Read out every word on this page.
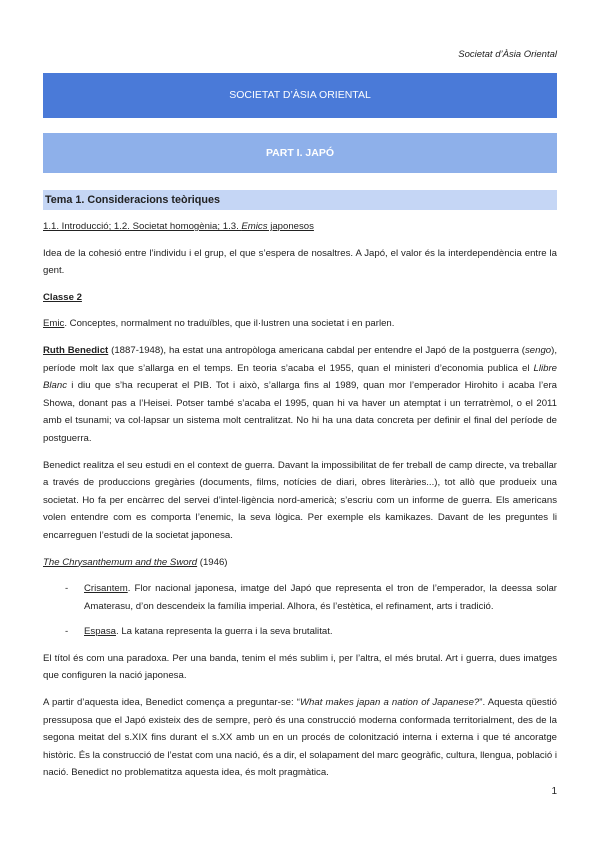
Societat d’Àsia Oriental
SOCIETAT D’ÀSIA ORIENTAL
PART I. JAPÓ
Tema 1. Consideracions teòriques

1.1. Introducció; 1.2. Societat homogènia; 1.3. Emics japonesos

Idea de la cohesió entre l’individu i el grup, el que s’espera de nosaltres. A Japó, el valor és la interdependència entre la gent.

Classe 2

Emic. Conceptes, normalment no traduïbles, que il·lustren una societat i en parlen.

Ruth Benedict (1887-1948), ha estat una antropòloga americana cabdal per entendre el Japó de la postguerra (sengo), període molt lax que s’allarga en el temps. En teoria s’acaba el 1955, quan el ministeri d’economia publica el Llibre Blanc i diu que s’ha recuperat el PIB. Tot i això, s’allarga fins al 1989, quan mor l’emperador Hirohito i acaba l’era Showa, donant pas a l’Heisei. Potser també s’acaba el 1995, quan hi va haver un atemptat i un terratrèmol, o el 2011 amb el tsunami; va col·lapsar un sistema molt centralitzat. No hi ha una data concreta per definir el final del període de postguerra.

Benedict realitza el seu estudi en el context de guerra. Davant la impossibilitat de fer treball de camp directe, va treballar a través de produccions gregàries (documents, films, notícies de diari, obres literàries...), tot allò que produeix una societat. Ho fa per encàrrec del servei d’intel·ligència nord-americà; s’escriu com un informe de guerra. Els americans volen entendre com es comporta l’enemic, la seva lògica. Per exemple els kamikazes. Davant de les preguntes li encarreguen l’estudi de la societat japonesa.

The Chrysanthemum and the Sword (1946)

- Crisantem. Flor nacional japonesa, imatge del Japó que representa el tron de l’emperador, la deessa solar Amaterasu, d’on descendeix la família imperial. Alhora, és l’estètica, el refinament, arts i tradició.
- Espasa. La katana representa la guerra i la seva brutalitat.

El títol és com una paradoxa. Per una banda, tenim el més sublim i, per l’altra, el més brutal. Art i guerra, dues imatges que configuren la nació japonesa.

A partir d’aquesta idea, Benedict comença a preguntar-se: “What makes japan a nation of Japanese?”. Aquesta qüestió pressuposa que el Japó existeix des de sempre, però és una construcció moderna conformada territorialment, des de la segona meitat del s.XIX fins durant el s.XX amb un en un procés de colonització interna i externa i que té ancoratge històric. És la construcció de l’estat com una nació, és a dir, el solapament del marc geogràfic, cultura, llengua, població i nació. Benedict no problematitza aquesta idea, és molt pragmàtica.

1
